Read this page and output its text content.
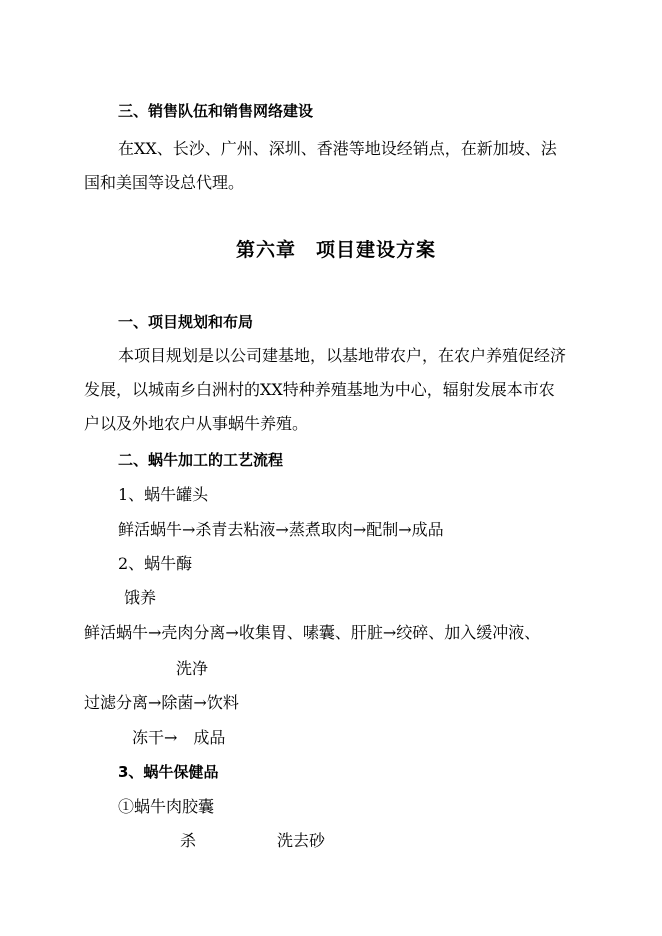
三、销售队伍和销售网络建设
在XX、长沙、广州、深圳、香港等地设经销点，在新加坡、法
国和美国等设总代理。
第六章　项目建设方案
一、项目规划和布局
本项目规划是以公司建基地，以基地带农户，在农户养殖促经济
发展，以城南乡白洲村的XX特种养殖基地为中心，辐射发展本市农
户以及外地农户从事蜗牛养殖。
二、蜗牛加工的工艺流程
1、蜗牛罐头
鲜活蜗牛→杀青去粘液→蒸煮取肉→配制→成品
2、蜗牛酶
饿养
鲜活蜗牛→壳肉分离→收集胃、嗉囊、肝脏→绞碎、加入缓冲液、
洗净
过滤分离→除菌→饮料
冻干→　成品
3、蜗牛保健品
①蜗牛肉胶囊
杀	洗去砂
